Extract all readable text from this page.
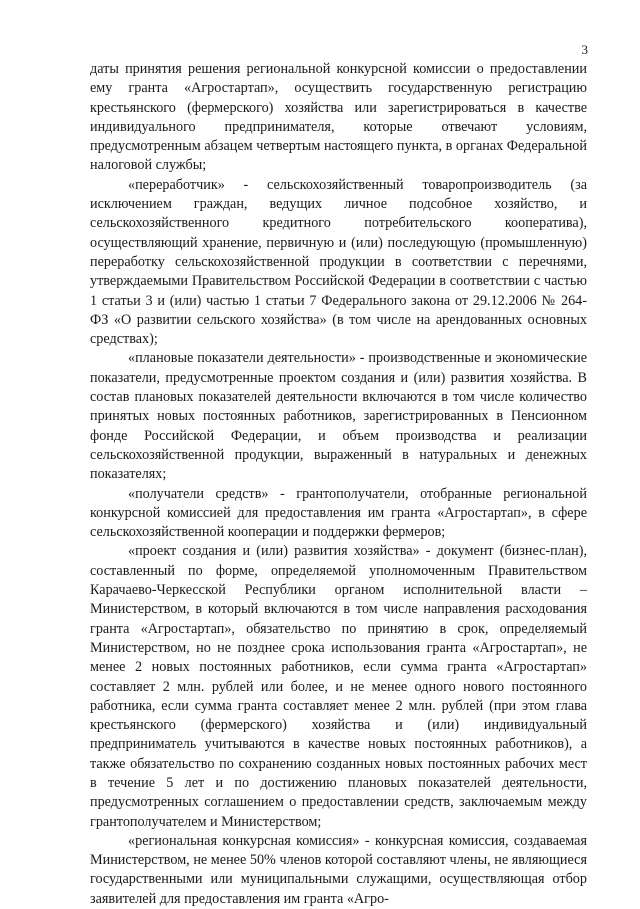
3

даты принятия решения региональной конкурсной комиссии о предоставлении ему гранта «Агростартап», осуществить государственную регистрацию крестьянского (фермерского) хозяйства или зарегистрироваться в качестве индивидуального предпринимателя, которые отвечают условиям, предусмотренным абзацем четвертым настоящего пункта, в органах Федеральной налоговой службы;

«переработчик» - сельскохозяйственный товаропроизводитель (за исключением граждан, ведущих личное подсобное хозяйство, и сельскохозяйственного кредитного потребительского кооператива), осуществляющий хранение, первичную и (или) последующую (промышленную) переработку сельскохозяйственной продукции в соответствии с перечнями, утверждаемыми Правительством Российской Федерации в соответствии с частью 1 статьи 3 и (или) частью 1 статьи 7 Федерального закона от 29.12.2006 № 264-ФЗ «О развитии сельского хозяйства» (в том числе на арендованных основных средствах);

«плановые показатели деятельности» - производственные и экономические показатели, предусмотренные проектом создания и (или) развития хозяйства. В состав плановых показателей деятельности включаются в том числе количество принятых новых постоянных работников, зарегистрированных в Пенсионном фонде Российской Федерации, и объем производства и реализации сельскохозяйственной продукции, выраженный в натуральных и денежных показателях;

«получатели средств» - грантополучатели, отобранные региональной конкурсной комиссией для предоставления им гранта «Агростартап», в сфере сельскохозяйственной кооперации и поддержки фермеров;

«проект создания и (или) развития хозяйства» - документ (бизнес-план), составленный по форме, определяемой уполномоченным Правительством Карачаево-Черкесской Республики органом исполнительной власти – Министерством, в который включаются в том числе направления расходования гранта «Агростартап», обязательство по принятию в срок, определяемый Министерством, но не позднее срока использования гранта «Агростартап», не менее 2 новых постоянных работников, если сумма гранта «Агростартап» составляет 2 млн. рублей или более, и не менее одного нового постоянного работника, если сумма гранта составляет менее 2 млн. рублей (при этом глава крестьянского (фермерского) хозяйства и (или) индивидуальный предприниматель учитываются в качестве новых постоянных работников), а также обязательство по сохранению созданных новых постоянных рабочих мест в течение 5 лет и по достижению плановых показателей деятельности, предусмотренных соглашением о предоставлении средств, заключаемым между грантополучателем и Министерством;

«региональная конкурсная комиссия» - конкурсная комиссия, создаваемая Министерством, не менее 50% членов которой составляют члены, не являющиеся государственными или муниципальными служащими, осуществляющая отбор заявителей для предоставления им гранта «Агро-
